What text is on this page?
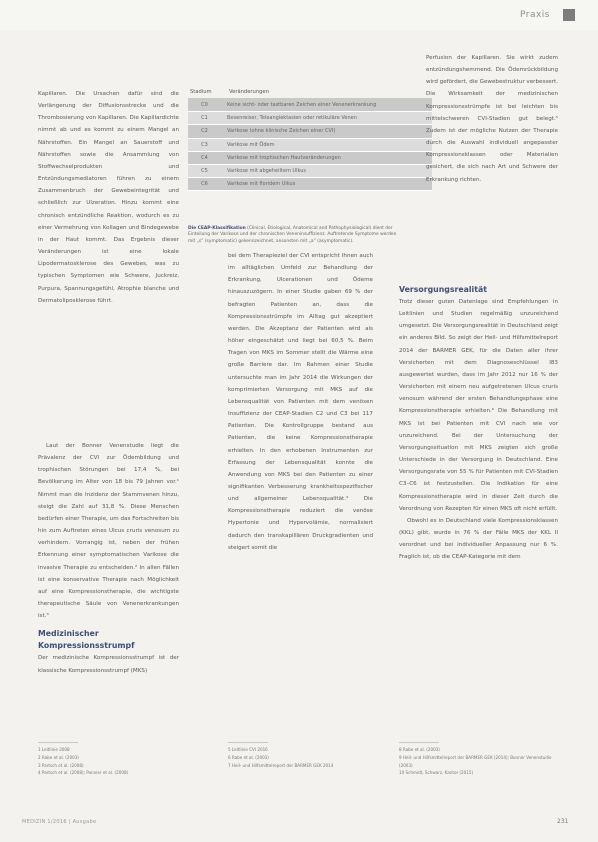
Praxis
Stadium	Veränderungen
C0	Keine sicht- oder tastbaren Zeichen einer Venenerkrankung
C1	Besenreiser, Teleangiektasien oder retikuläre Venen
C2	Varikose (ohne klinische Zeichen einer CVI)
C3	Varikose mit Ödem
C4	Varikose mit trophischen Hautveränderungen
C5	Varikose mit abgeheiltem Ulkus
C6	Varikose mit floridem Ulkus
Die CEAP-Klassifikation (Clinical, Etiological, Anatomical and Pathophysiological) dient der Einteilung der Varikose und der chronischen Veneninsuffizienz. Auftretende Symptome werden mit „s“ (symptomatic) gekennzeichnet, ansonsten mit „a“ (asymptomatic).

Kapillaren. Die Ursachen dafür sind die Verlängerung der Diffusionsstrecke und die Thrombosierung von Kapillaren. Die Kapillardichte nimmt ab und es kommt zu einem Mangel an Nährstoffen. Ein Mangel an Sauerstoff und Nährstoffen sowie die Ansammlung von Stoffwechselprodukten und Entzündungsmediatoren führen zu einem Zusammenbruch der Gewebeintegrität und schließlich zur Ulzeration. Hinzu kommt eine chronisch entzündliche Reaktion, wodurch es zu einer Vermehrung von Kollagen und Bindegewebe in der Haut kommt. Das Ergebnis dieser Veränderungen ist eine lokale Lipodermatosklerose des Gewebes, was zu typischen Symptomen wie Schwere, Juckreiz, Purpura, Spannungsgefühl, Atrophie blanche und Dermatoliposklerose führt.

Laut der Bonner Venenstudie liegt die Prävalenz der CVI zur Ödembildung und trophischen Störungen bei 17,4 %, bei Bevölkerung im Alter von 18 bis 79 Jahren vor.¹ Nimmt man die Inzidenz der Stammvenen hinzu, steigt die Zahl auf 31,8 %. Diese Menschen bedürfen einer Therapie, um das Fortschreiten bis hin zum Auftreten eines Ulcus cruris venosum zu verhindern. Vorrangig ist, neben der frühen Erkennung einer symptomatischen Varikose die invasive Therapie zu entscheiden.² In allen Fällen ist eine konservative Therapie nach Möglichkeit auf eine Kompressionstherapie, die wichtigste therapeutische Säule von Venenerkrankungen ist.³

Medizinischer Kompressionsstrumpf

Der medizinische Kompressionsstrumpf ist der klassische Kompressionsstrumpf (MKS)

bei dem Therapieziel der CVI entspricht Ihnen auch im alltäglichen Umfeld zur Behandlung der Erkrankung, Ulcerationen und Ödeme hinauszuzögern. In einer Studie gaben 69 % der befragten Patienten an, dass die Kompressionsstrümpfe im Alltag gut akzeptiert werden. Die Akzeptanz der Patienten wird als höher eingeschätzt und liegt bei 60,5 %. Beim Tragen von MKS im Sommer stellt die Wärme eine große Barriere dar. Im Rahmen einer Studie untersuchte man im Jahr 2014 die Wirkungen der komprimierten Versorgung mit MKS auf die Lebensqualität von Patienten mit dem venösen Insuffizienz der CEAP-Stadien C2 und C3 bei 117 Patienten. Die Kontrollgruppe bestand aus Patienten, die keine Kompressionstherapie erhielten. In den erhobenen Instrumenten zur Erfassung der Lebensqualität konnte die Anwendung von MKS bei den Patienten zu einer signifikanten Verbesserung krankheitsspezifischer und allgemeiner Lebensqualität.⁴ Die Kompressionstherapie reduziert die venöse Hypertonie und Hypervolämie, normalisiert dadurch den transkapillären Druckgradienten und steigert somit die

Perfusion der Kapillaren. Sie wirkt zudem entzündungshemmend. Die Ödemrückbildung wird gefördert, die Gewebestruktur verbessert. Die Wirksamkeit der medizinischen Kompressionsstrümpfe ist bei leichten bis mittelschweren CVI-Stadien gut belegt.⁵ Zudem ist der mögliche Nutzen der Therapie durch die Auswahl individuell angepasster Kompressionsklassen oder Materialien gesichert, die sich nach Art und Schwere der Erkrankung richten.

Versorgungsrealität

Trotz dieser guten Datenlage sind Empfehlungen in Leitlinien und Studien regelmäßig unzureichend umgesetzt. Die Versorgungsrealität in Deutschland zeigt ein anderes Bild. So zeigt der Heil- und Hilfsmittelreport 2014 der BARMER GEK, für die Daten aller ihrer Versicherten mit dem Diagnoseschlüssel I83 ausgewertet wurden, dass im Jahr 2012 nur 16 % der Versicherten mit einem neu aufgetretenen Ulcus cruris venosum während der ersten Behandlungsphase eine Kompressionstherapie erhielten.⁶ Die Behandlung mit MKS ist bei Patienten mit CVI nach wie vor unzureichend. Bei der Untersuchung der Versorgungssituation mit MKS zeigten sich große Unterschiede in der Versorgung in Deutschland. Eine Versorgungsrate von 55 % für Patienten mit CVI-Stadien C3–C6 ist festzustellen. Die Indikation für eine Kompressionstherapie wird in dieser Zeit durch die Verordnung von Rezepten für einen MKS oft nicht erfüllt.

Obwohl es in Deutschland viele Kompressionsklassen (KKL) gibt, wurde in 76 % der Fälle MKS der KKL II verordnet und bei individueller Anpassung nur 6 %. Fraglich ist, ob die CEAP-Kategorie mit dem

1 Leitlinie 2008
2 Rabe et al. (2003)
3 Partsch et al. (2008)
4 Partsch et al. (2008); Pannier et al. (2008)
5 Leitlinie CVI 2016
6 Rabe et al. (2003)
7 Heil- und Hilfsmittelreport der BARMER GEK 2014
8 Rabe et al. (2003)
9 Heil- und Hilfsmittelreport der BARMER GEK (2014); Bonner Venenstudie (2003)
10 Schmidt, Schwarz, Kantor (2015)
MEDIZIN 1/2016 | Ausgabe	231
